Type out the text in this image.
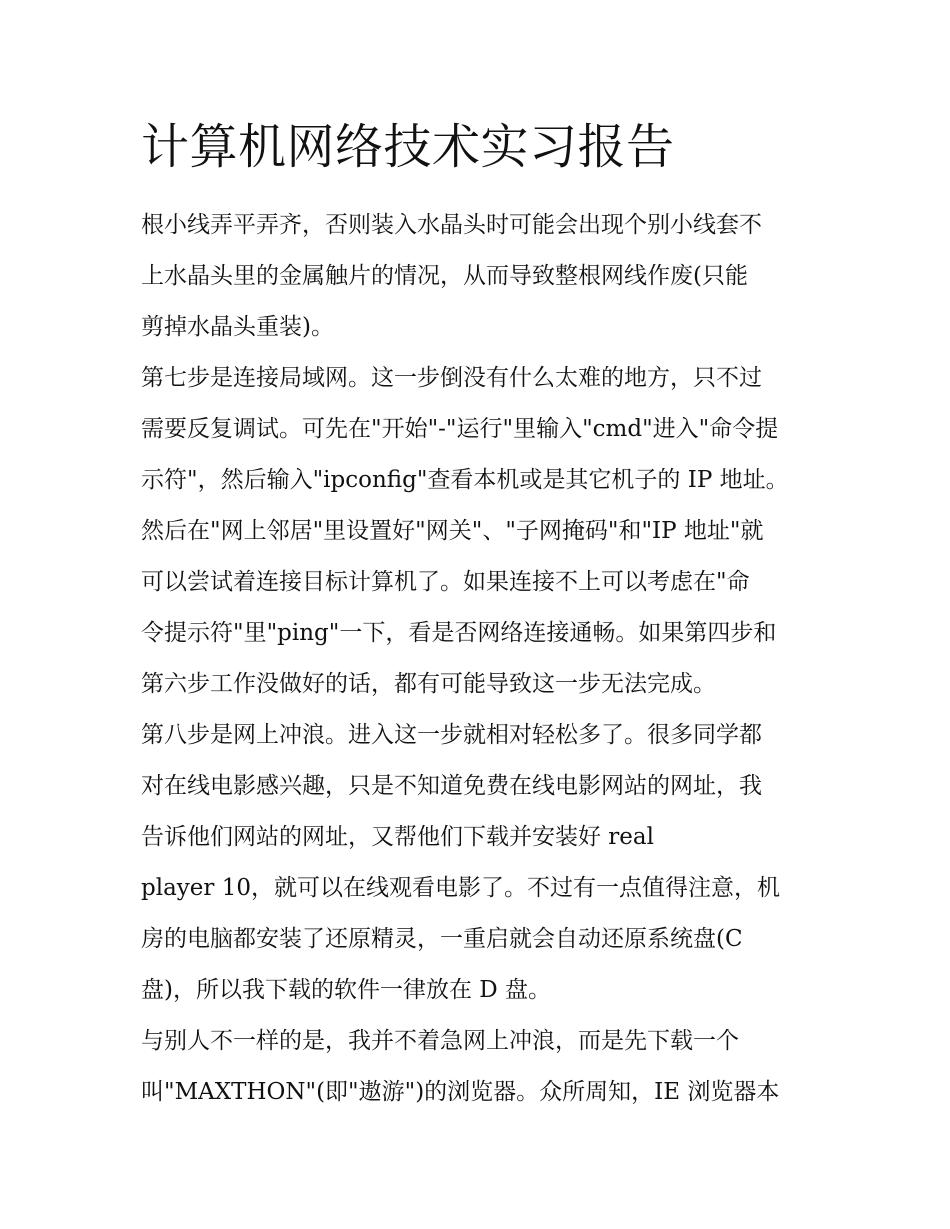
计算机网络技术实习报告
根小线弄平弄齐，否则装入水晶头时可能会出现个别小线套不
上水晶头里的金属触片的情况，从而导致整根网线作废(只能
剪掉水晶头重装)。
第七步是连接局域网。这一步倒没有什么太难的地方，只不过
需要反复调试。可先在"开始"-"运行"里输入"cmd"进入"命令提
示符"，然后输入"ipconfig"查看本机或是其它机子的 IP 地址。
然后在"网上邻居"里设置好"网关"、"子网掩码"和"IP 地址"就
可以尝试着连接目标计算机了。如果连接不上可以考虑在"命
令提示符"里"ping"一下，看是否网络连接通畅。如果第四步和
第六步工作没做好的话，都有可能导致这一步无法完成。
第八步是网上冲浪。进入这一步就相对轻松多了。很多同学都
对在线电影感兴趣，只是不知道免费在线电影网站的网址，我
告诉他们网站的网址，又帮他们下载并安装好 real
player 10，就可以在线观看电影了。不过有一点值得注意，机
房的电脑都安装了还原精灵，一重启就会自动还原系统盘(C
盘)，所以我下载的软件一律放在 D 盘。
与别人不一样的是，我并不着急网上冲浪，而是先下载一个
叫"MAXTHON"(即"遨游")的浏览器。众所周知，IE 浏览器本
